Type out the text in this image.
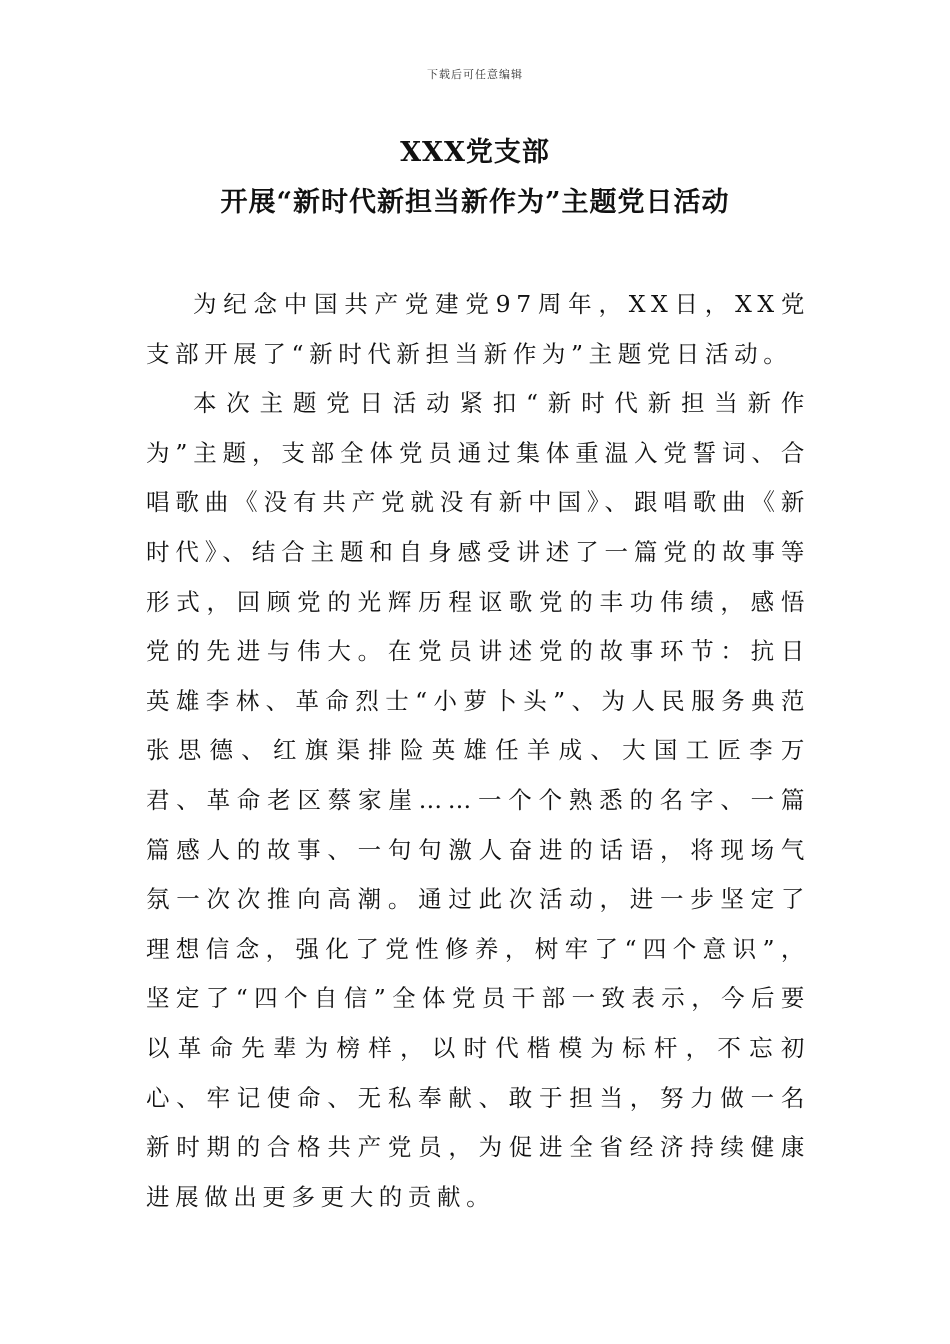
下载后可任意编辑
XXX党支部
开展“新时代新担当新作为”主题党日活动

为纪念中国共产党建党97周年，XX日，XX党支部开展了“新时代新担当新作为”主题党日活动。

本次主题党日活动紧扣“新时代新担当新作为”主题，支部全体党员通过集体重温入党誓词、合唱歌曲《没有共产党就没有新中国》、跟唱歌曲《新时代》、结合主题和自身感受讲述了一篇党的故事等形式，回顾党的光辉历程讴歌党的丰功伟绩，感悟党的先进与伟大。在党员讲述党的故事环节：抗日英雄李林、革命烈士“小萝卜头”、为人民服务典范张思德、红旗渠排险英雄任羊成、大国工匠李万君、革命老区蔡家崖……一个个熟悉的名字、一篇篇感人的故事、一句句激人奋进的话语，将现场气氛一次次推向高潮。通过此次活动，进一步坚定了理想信念，强化了党性修养，树牢了“四个意识”，坚定了“四个自信”全体党员干部一致表示，今后要以革命先辈为榜样，以时代楷模为标杆，不忘初心、牢记使命、无私奉献、敢于担当，努力做一名新时期的合格共产党员，为促进全省经济持续健康进展做出更多更大的贡献。
